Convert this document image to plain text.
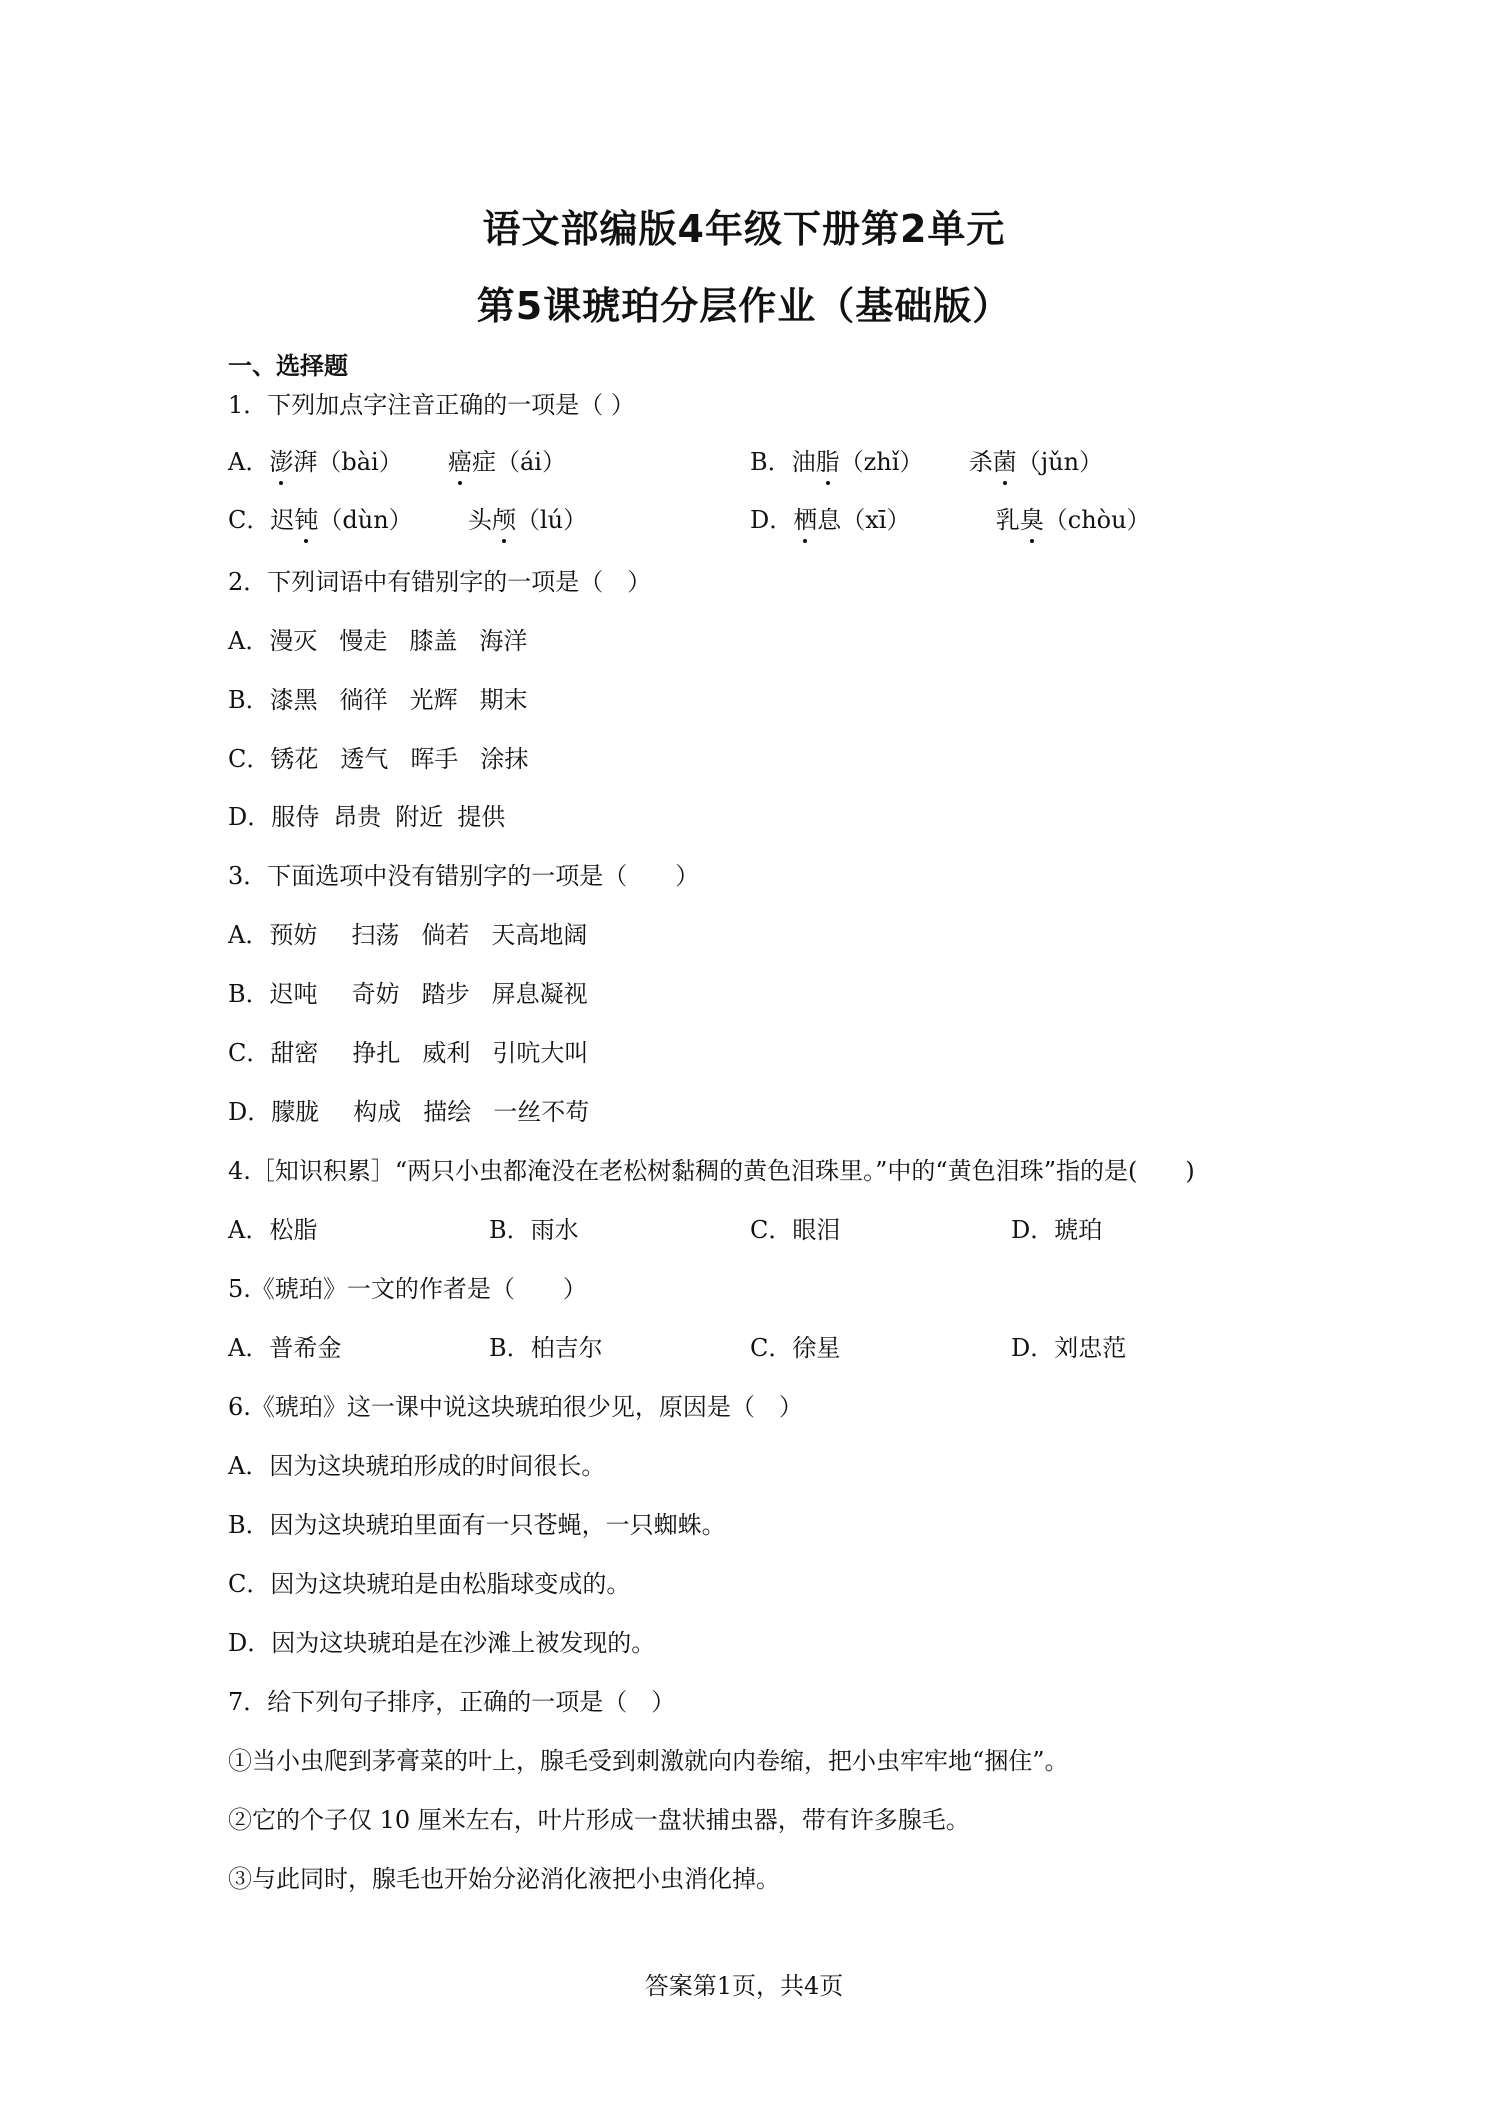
语文部编版4年级下册第2单元
第5课琥珀分层作业（基础版）
一、选择题
1．下列加点字注音正确的一项是（ ）
A．澎湃（bài） 癌症（ái）	B．油脂（zhǐ） 杀菌（jǔn）
C．迟钝（dùn） 头颅（lú）	D．栖息（xī）	乳臭（chòu）
2．下列词语中有错别字的一项是（　）
A．漫灭 慢走 膝盖 海洋
B．漆黑 徜徉 光辉 期末
C．锈花 透气 晖手 涂抹
D．服侍 昂贵 附近 提供
3．下面选项中没有错别字的一项是（　　）
A．预妨 扫荡 倘若 天高地阔
B．迟吨 奇妨 踏步 屏息凝视
C．甜密 挣扎 威利 引吭大叫
D．朦胧 构成 描绘 一丝不苟
4.［知识积累］“两只小虫都淹没在老松树黏稠的黄色泪珠里。”中的“黄色泪珠”指的是(　　)
A．松脂	B．雨水	C．眼泪	D．琥珀
5.《琥珀》一文的作者是（　　）
A．普希金	B．柏吉尔	C．徐星	D．刘忠范
6.《琥珀》这一课中说这块琥珀很少见，原因是（　）
A．因为这块琥珀形成的时间很长。
B．因为这块琥珀里面有一只苍蝇，一只蜘蛛。
C．因为这块琥珀是由松脂球变成的。
D．因为这块琥珀是在沙滩上被发现的。
7．给下列句子排序，正确的一项是（　）
①当小虫爬到茅膏菜的叶上，腺毛受到刺激就向内卷缩，把小虫牢牢地“捆住”。
②它的个子仅 10 厘米左右，叶片形成一盘状捕虫器，带有许多腺毛。
③与此同时，腺毛也开始分泌消化液把小虫消化掉。
答案第1页，共4页
